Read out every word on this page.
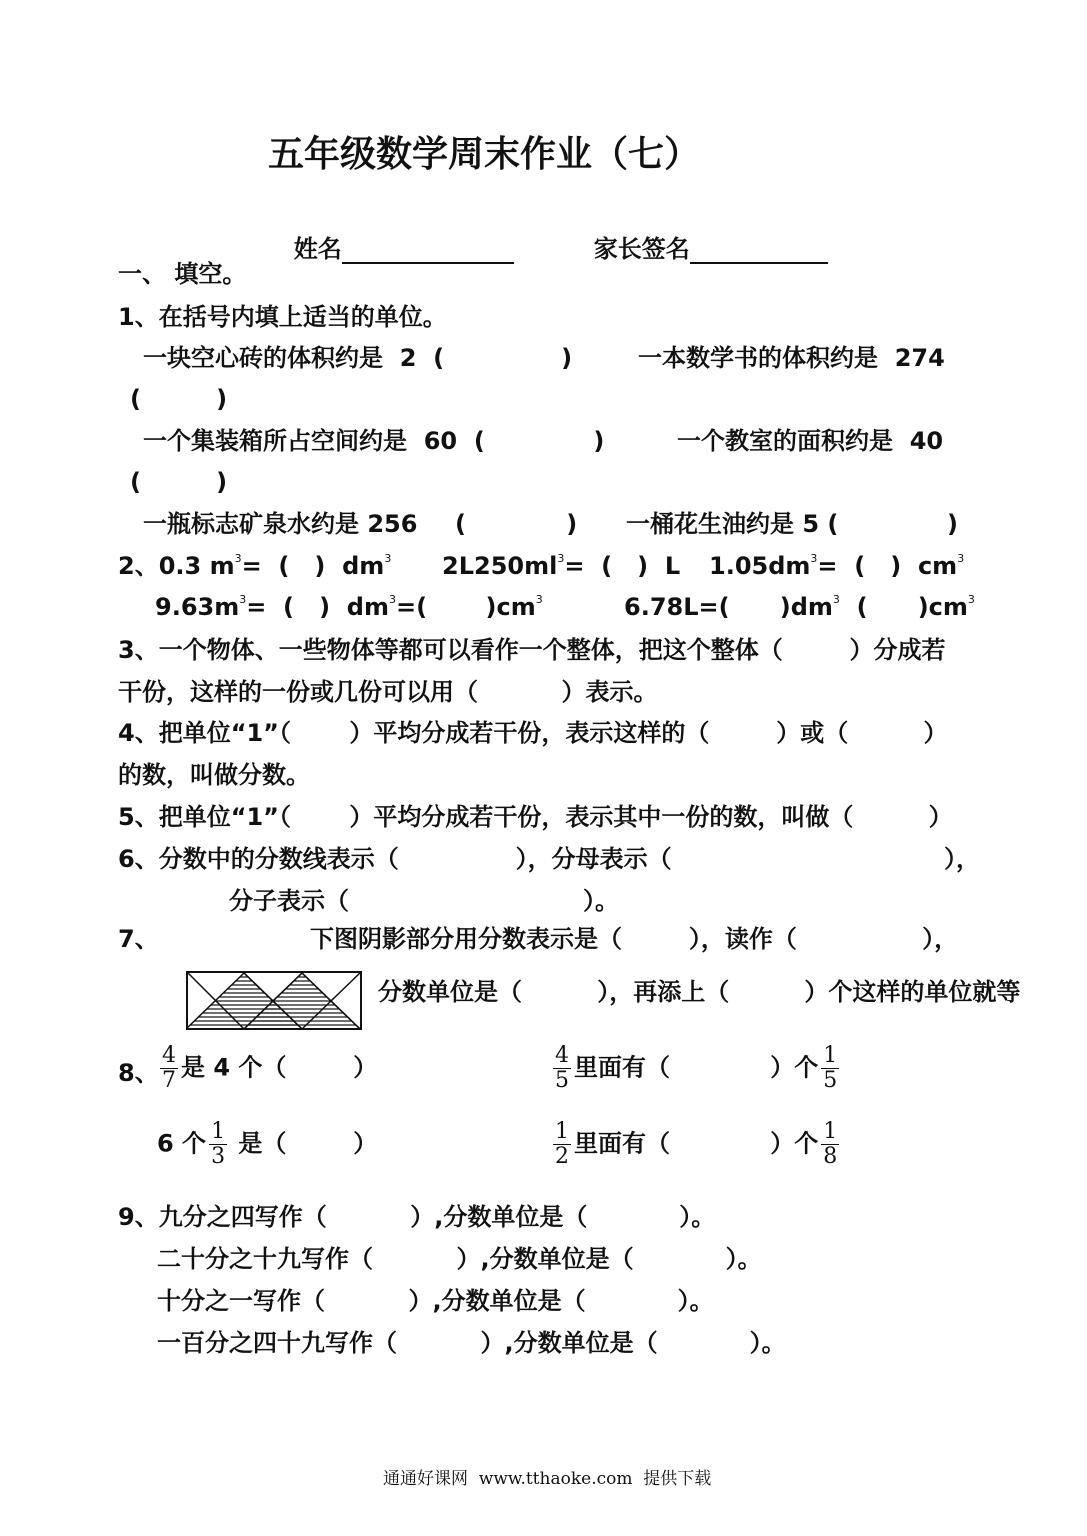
五年级数学周末作业（七）

姓名	家长签名

一、 填空。
1、在括号内填上适当的单位。
一块空心砖的体积约是  2  (              )	一本数学书的体积约是  274
(         )
一个集装箱所占空间约是  60  (             )	一个教室的面积约是  40
(         )
一瓶标志矿泉水约是 256 (            ) 一桶花生油约是 5 (             )
2、0.3 $m^3=$  (   )  $dm^3$ $2L250ml^3=$  (   )  L $1.05dm^3=$  (   )  $cm^3$
$9.63m^3=$  (   )  $dm^3=$(       )$cm^3$	6.78L=(      )$dm^3$  (      )$cm^3$
3、一个物体、一些物体等都可以看作一个整体，把这个整体（        ）分成若
干份，这样的一份或几份可以用（          ）表示。
4、把单位“1”（       ）平均分成若干份，表示这样的（        ）或（         ）
的数，叫做分数。
5、把单位“1”（       ）平均分成若干份，表示其中一份的数，叫做（         ）
6、分数中的分数线表示（              ），分母表示（	），
分子表示（                            ）。
7、	下图阴影部分用分数表示是（        ），读作（               ），
分数单位是（         ），再添上（         ）个这样的单位就等
8、 $\frac{4}{7}$ 是 4 个（        ）	$\frac{4}{5}$ 里面有（            ）个 $\frac{1}{5}$
6 个 $\frac{1}{3}$ 是（        ）	$\frac{1}{2}$ 里面有（            ）个 $\frac{1}{8}$
9、九分之四写作（          ）,分数单位是（           ）。
二十分之十九写作（          ）,分数单位是（           ）。
十分之一写作（          ）,分数单位是（           ）。
一百分之四十九写作（          ）,分数单位是（           ）。
通通好课网  www.tthaoke.com  提供下载
